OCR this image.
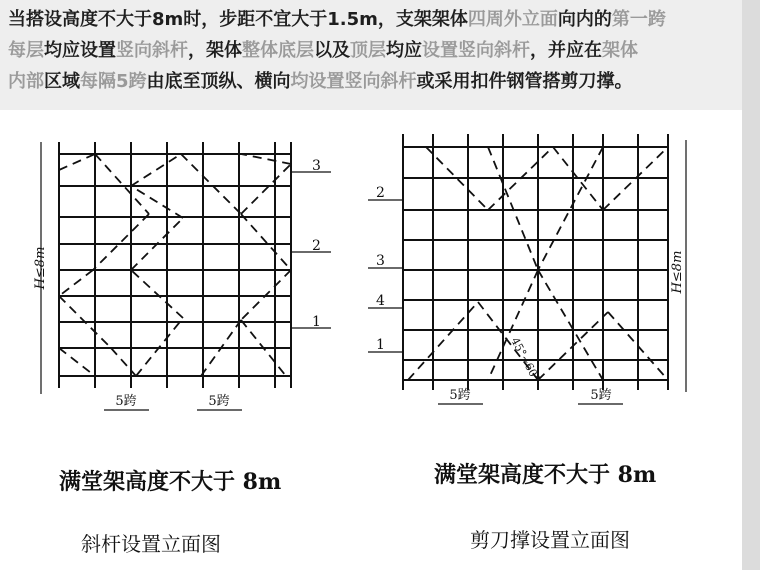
当搭设高度不大于8m时，步距不宜大于1.5m，支架架体四周外立面向内的第一跨
每层均应设置竖向斜杆，架体整体底层以及顶层均应设置竖向斜杆，并应在架体
内部区域每隔5跨由底至顶纵、横向均设置竖向斜杆或采用扣件钢管搭剪刀撑。
H≤8m
3
2
1
5跨	5跨
满堂架高度不大于 8m
斜杆设置立面图
H≤8m
2
3
4
1	45°~60°
5跨	5跨
满堂架高度不大于 8m
剪刀撑设置立面图
